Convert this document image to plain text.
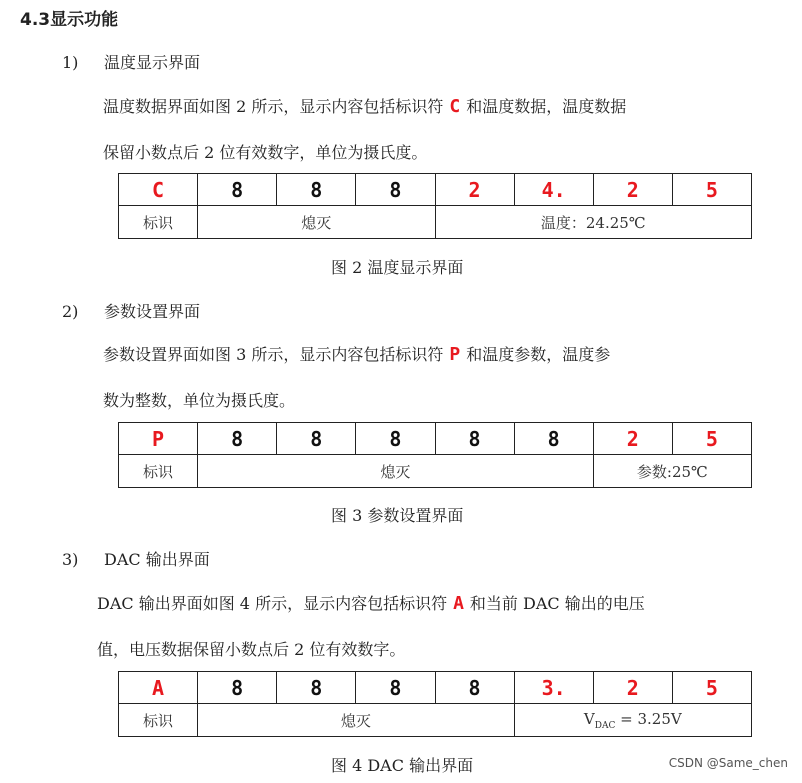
4.3显示功能
1) 温度显示界面
温度数据界面如图 2 所示，显示内容包括标识符 C 和温度数据，温度数据
保留小数点后 2 位有效数字，单位为摄氏度。
C	8	8	8	2	4.	2	5
标识	熄灭			温度：24.25℃			
图 2 温度显示界面
2) 参数设置界面
参数设置界面如图 3 所示，显示内容包括标识符 P 和温度参数，温度参
数为整数，单位为摄氏度。
P	8	8	8	8	8	2	5
标识	熄灭					参数:25℃	
图 3 参数设置界面
3) DAC 输出界面
DAC 输出界面如图 4 所示，显示内容包括标识符 A 和当前 DAC 输出的电压
值，电压数据保留小数点后 2 位有效数字。
A	8	8	8	8	3.	2	5
标识	熄灭				$V_{DAC} = 3.25V$		
图 4 DAC 输出界面	CSDN @Same_chen
